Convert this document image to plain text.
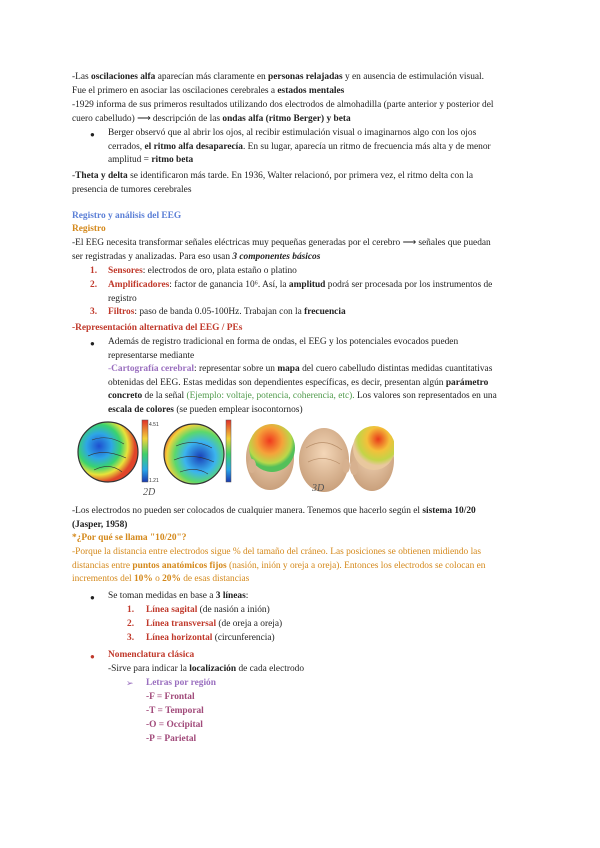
-Las oscilaciones alfa aparecían más claramente en personas relajadas y en ausencia de estimulación visual.
Fue el primero en asociar las oscilaciones cerebrales a estados mentales
-1929 informa de sus primeros resultados utilizando dos electrodos de almohadilla (parte anterior y posterior del
cuero cabelludo) ⟶ descripción de las ondas alfa (ritmo Berger) y beta
● Berger observó que al abrir los ojos, al recibir estimulación visual o imaginarnos algo con los ojos
cerrados, el ritmo alfa desaparecía. En su lugar, aparecía un ritmo de frecuencia más alta y de menor
amplitud = ritmo beta
-Theta y delta se identificaron más tarde. En 1936, Walter relacionó, por primera vez, el ritmo delta con la
presencia de tumores cerebrales
Registro y análisis del EEG
Registro
-El EEG necesita transformar señales eléctricas muy pequeñas generadas por el cerebro ⟶ señales que puedan
ser registradas y analizadas. Para eso usan 3 componentes básicos
1. Sensores: electrodos de oro, plata estaño o platino
2. Amplificadores: factor de ganancia 10⁶. Así, la amplitud podrá ser procesada por los instrumentos de
registro
3. Filtros: paso de banda 0.05-100Hz. Trabajan con la frecuencia
-Representación alternativa del EEG / PEs
● Además de registro tradicional en forma de ondas, el EEG y los potenciales evocados pueden
representarse mediante
-Cartografía cerebral: representar sobre un mapa del cuero cabelludo distintas medidas cuantitativas
obtenidas del EEG. Estas medidas son dependientes específicas, es decir, presentan algún parámetro
concreto de la señal (Ejemplo: voltaje, potencia, coherencia, etc). Los valores son representados en una
escala de colores (se pueden emplear isocontornos)
4.51
1.21
2D	3D
-Los electrodos no pueden ser colocados de cualquier manera. Tenemos que hacerlo según el sistema 10/20
(Jasper, 1958)
*¿Por qué se llama "10/20"?
-Porque la distancia entre electrodos sigue % del tamaño del cráneo. Las posiciones se obtienen midiendo las
distancias entre puntos anatómicos fijos (nasión, inión y oreja a oreja). Entonces los electrodos se colocan en
incrementos del 10% o 20% de esas distancias
● Se toman medidas en base a 3 líneas:
1. Línea sagital (de nasión a inión)
2. Línea transversal (de oreja a oreja)
3. Línea horizontal (circunferencia)
● Nomenclatura clásica
-Sirve para indicar la localización de cada electrodo
➢ Letras por región
-F = Frontal
-T = Temporal
-O = Occipital
-P = Parietal
